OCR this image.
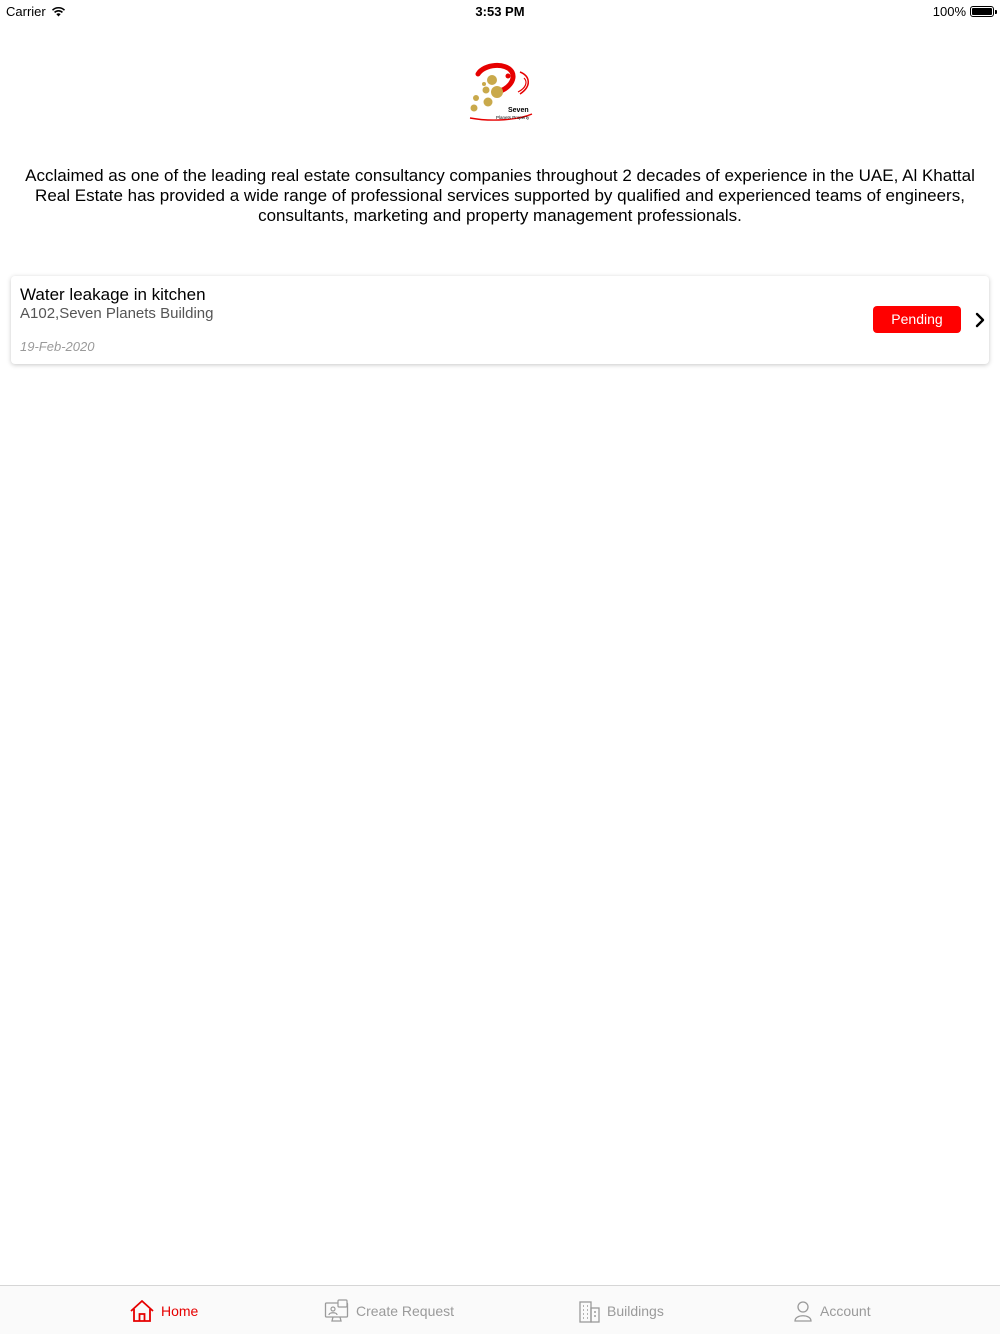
Carrier	3:53 PM	100%
Seven
Planets Property

Acclaimed as one of the leading real estate consultancy companies throughout 2 decades of experience in the UAE, Al Khattal Real Estate has provided a wide range of professional services supported by qualified and experienced teams of engineers, consultants, marketing and property management professionals.

Water leakage in kitchen
A102,Seven Planets Building
19-Feb-2020
Pending
Home	Create Request	Buildings	Account
